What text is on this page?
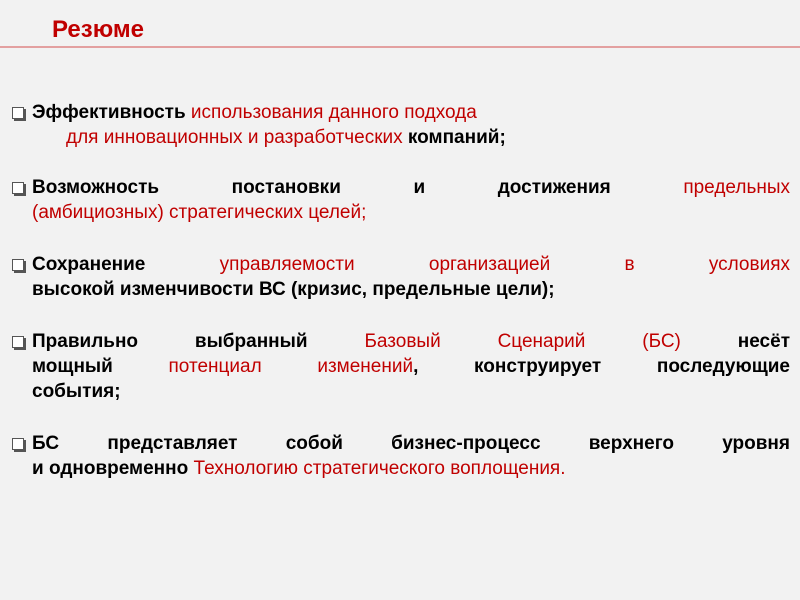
Резюме
Эффективность использования данного подхода
для инновационных и разработческих компаний;
Возможность постановки и достижения предельных
(амбициозных) стратегических целей;
Сохранение управляемости организацией в условиях
высокой изменчивости ВС (кризис, предельные цели);
Правильно выбранный Базовый Сценарий (БС) несёт
мощный потенциал изменений, конструирует последующие
события;
БС представляет собой бизнес-процесс верхнего уровня
и одновременно Технологию стратегического воплощения.
